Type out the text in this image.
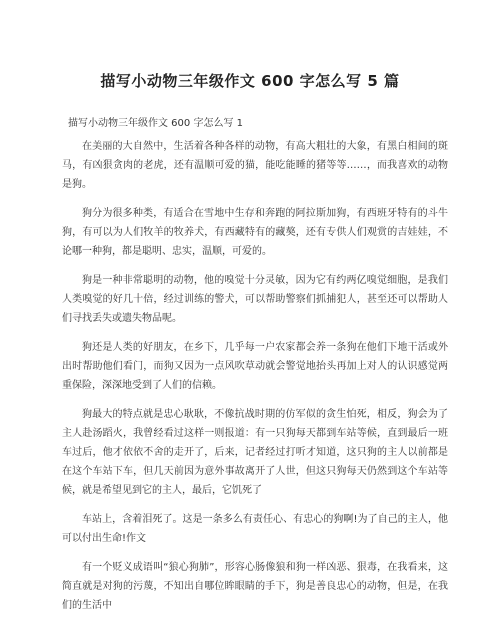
描写小动物三年级作文 600 字怎么写 5 篇

描写小动物三年级作文 600 字怎么写 1

在美丽的大自然中，生活着各种各样的动物，有高大粗壮的大象，有黑白相间的斑马，有凶狠贪肉的老虎，还有温顺可爱的猫，能吃能睡的猪等等……，而我喜欢的动物是狗。

狗分为很多种类，有适合在雪地中生存和奔跑的阿拉斯加狗，有西班牙特有的斗牛狗，有可以为人们牧羊的牧养犬，有西藏特有的藏獒，还有专供人们观赏的吉娃娃，不论哪一种狗，都是聪明、忠实，温顺，可爱的。

狗是一种非常聪明的动物，他的嗅觉十分灵敏，因为它有约两亿嗅觉细胞，是我们人类嗅觉的好几十倍，经过训练的警犬，可以帮助警察们抓捕犯人，甚至还可以帮助人们寻找丢失或遗失物品呢。

狗还是人类的好朋友，在乡下，几乎每一户农家都会养一条狗在他们下地干活或外出时帮助他们看门，而狗又因为一点风吹草动就会警觉地抬头再加上对人的认识感觉两重保险，深深地受到了人们的信赖。

狗最大的特点就是忠心耿耿，不像抗战时期的仿军似的贪生怕死，相反，狗会为了主人赴汤蹈火，我曾经看过这样一则报道：有一只狗每天都到车站等候，直到最后一班车过后，他才依依不舍的走开了，后来，记者经过打听才知道，这只狗的主人以前都是在这个车站下车，但几天前因为意外事故离开了人世，但这只狗每天仍然到这个车站等候，就是希望见到它的主人，最后，它饥死了

车站上，含着泪死了。这是一条多么有责任心、有忠心的狗啊!为了自己的主人，他可以付出生命!作文

有一个贬义成语叫“狼心狗肺”，形容心肠像狼和狗一样凶恶、狠毒，在我看来，这简直就是对狗的污蔑，不知出自哪位眸眼睛的手下，狗是善良忠心的动物，但是，在我们的生活中
